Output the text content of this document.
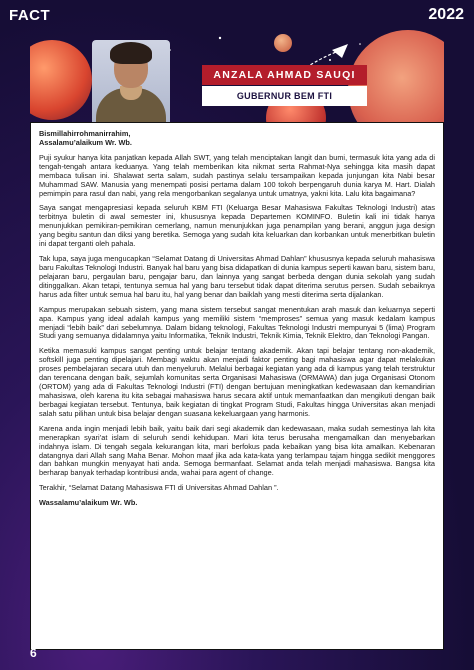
FACT	2022
ANZALA AHMAD SAUQI
GUBERNUR BEM FTI

Bismillahirrohmanirrahim,
Assalamu’alaikum Wr. Wb.

Puji syukur hanya kita panjatkan kepada Allah SWT, yang telah menciptakan langit dan bumi, termasuk kita yang ada di tengah-tengah antara keduanya. Yang telah memberikan kita nikmat serta Rahmat-Nya sehingga kita masih dapat membaca tulisan ini. Shalawat serta salam, sudah pastinya selalu tersampaikan kepada junjungan kita Nabi besar Muhammad SAW. Manusia yang menempati posisi pertama dalam 100 tokoh berpengaruh dunia karya M. Hart. Dialah pemimpin para rasul dan nabi, yang rela mengorbankan segalanya untuk umatnya, yakni kita. Lalu kita bagaimana?

Saya sangat mengapresiasi kepada seluruh KBM FTI (Keluarga Besar Mahasiswa Fakultas Teknologi Industri) atas terbitnya buletin di awal semester ini, khususnya kepada Departemen KOMINFO. Buletin kali ini tidak hanya menunjukkan pemikiran-pemikiran cemerlang, namun menunjukkan juga penampilan yang berani, anggun juga design yang begitu santun dan diksi yang beretika. Semoga yang sudah kita keluarkan dan korbankan untuk menerbitkan buletin ini dapat terganti oleh pahala.

Tak lupa, saya juga mengucapkan “Selamat Datang di Universitas Ahmad Dahlan” khususnya kepada seluruh mahasiswa baru Fakultas Teknologi Industri. Banyak hal baru yang bisa didapatkan di dunia kampus seperti kawan baru, sistem baru, pelajaran baru, pergaulan baru, pengajar baru, dan lainnya yang sangat berbeda dengan dunia sekolah yang sudah ditinggalkan. Akan tetapi, tentunya semua hal yang baru tersebut tidak dapat diterima serutus persen. Sudah sebaiknya harus ada filter untuk semua hal baru itu, hal yang benar dan baiklah yang mesti diterima serta dijalankan.

Kampus merupakan sebuah sistem, yang mana sistem tersebut sangat menentukan arah masuk dan keluarnya seperti apa. Kampus yang ideal adalah kampus yang memiliki sistem “memproses” semua yang masuk kedalam kampus menjadi “lebih baik” dari sebelumnya. Dalam bidang teknologi, Fakultas Teknologi Industri mempunyai 5 (lima) Program Studi yang semuanya didalamnya yaitu Informatika, Teknik Industri, Teknik Kimia, Teknik Elektro, dan Teknologi Pangan.

Ketika memasuki kampus sangat penting untuk belajar tentang akademik. Akan tapi belajar tentang non-akademik, softskill juga penting dipelajari. Membagi waktu akan menjadi faktor penting bagi mahasiswa agar dapat melakukan proses pembelajaran secara utuh dan menyeluruh. Melalui berbagai kegiatan yang ada di kampus yang telah terstruktur dan terencana dengan baik, sejumlah komunitas serta Organisasi Mahasiswa (ORMAWA) dan juga Organisasi Otonom (ORTOM) yang ada di Fakultas Teknologi Industri (FTI) dengan bertujuan meningkatkan kedewasaan dan kemandirian mahasiswa, oleh karena itu kita sebagai mahasiswa harus secara aktif untuk memanfaatkan dan mengikuti dengan baik berbagai kegiatan tersebut. Tentunya, baik kegiatan di tingkat Program Studi, Fakultas hingga Universitas akan menjadi salah satu pilihan untuk bisa belajar dengan suasana kekeluargaan yang harmonis.

Karena anda ingin menjadi lebih baik, yaitu baik dari segi akademik dan kedewasaan, maka sudah semestinya lah kita menerapkan syari’at islam di seluruh sendi kehidupan. Mari kita terus berusaha mengamalkan dan menyebarkan indahnya islam. Di tengah segala kekurangan kita, mari berfokus pada kebaikan yang bisa kita amalkan. Kebenaran datangnya dari Allah sang Maha Benar. Mohon maaf jika ada kata-kata yang terlampau tajam hingga sedikit menggores dan bahkan mungkin menyayat hati anda. Semoga bermanfaat. Selamat anda telah menjadi mahasiswa. Bangsa kita berharap banyak terhadap kontribusi anda, wahai para agent of change.

Terakhir, “Selamat Datang Mahasiswa FTI di Universitas Ahmad Dahlan ”.

Wassalamu’alaikum Wr. Wb.

6
